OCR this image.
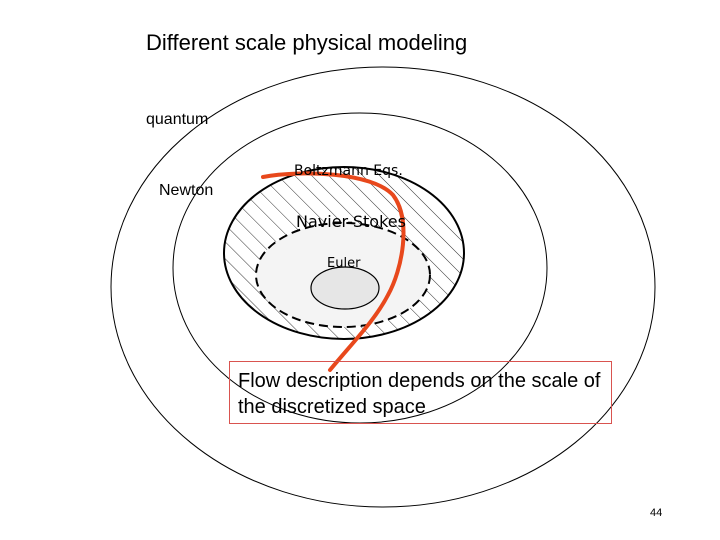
Different scale physical modeling
quantum
Newton
Boltzmann Eqs.
Navier-Stokes
Euler
Flow description depends on the scale of the discretized space
44
